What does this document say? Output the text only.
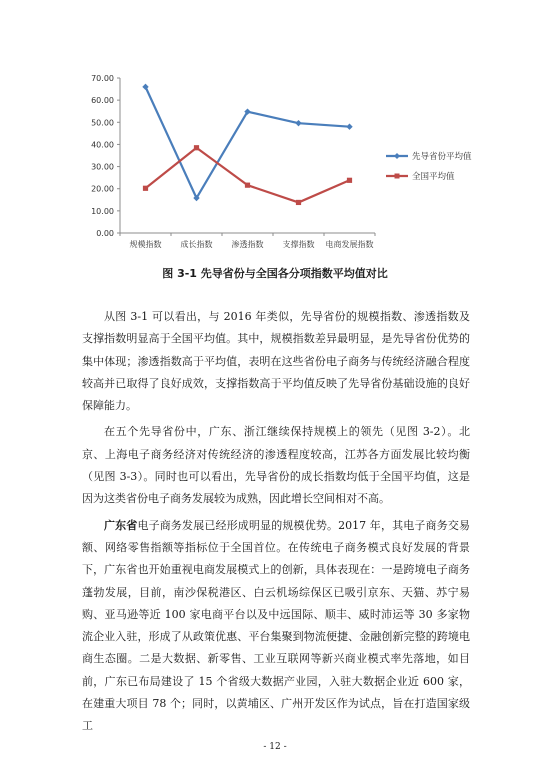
0.00
10.00
20.00
30.00
40.00
50.00
60.00
70.00
规模指数 成长指数 渗透指数 支撑指数 电商发展指数
先导省份平均值
全国平均值
图 3-1 先导省份与全国各分项指数平均值对比

从图 3-1 可以看出，与 2016 年类似，先导省份的规模指数、渗透指数及支撑指数明显高于全国平均值。其中，规模指数差异最明显，是先导省份优势的集中体现；渗透指数高于平均值，表明在这些省份电子商务与传统经济融合程度较高并已取得了良好成效，支撑指数高于平均值反映了先导省份基础设施的良好保障能力。

在五个先导省份中，广东、浙江继续保持规模上的领先（见图 3-2）。北京、上海电子商务经济对传统经济的渗透程度较高，江苏各方面发展比较均衡（见图 3-3）。同时也可以看出，先导省份的成长指数均低于全国平均值，这是因为这类省份电子商务发展较为成熟，因此增长空间相对不高。

广东省电子商务发展已经形成明显的规模优势。2017 年，其电子商务交易额、网络零售指额等指标位于全国首位。在传统电子商务模式良好发展的背景下，广东省也开始重视电商发展模式上的创新，具体表现在：一是跨境电子商务蓬勃发展，目前，南沙保税港区、白云机场综保区已吸引京东、天猫、苏宁易购、亚马逊等近 100 家电商平台以及中远国际、顺丰、威时沛运等 30 多家物流企业入驻，形成了从政策优惠、平台集聚到物流便捷、金融创新完整的跨境电商生态圈。二是大数据、新零售、工业互联网等新兴商业模式率先落地，如目前，广东已布局建设了 15 个省级大数据产业园，入驻大数据企业近 600 家，在建重大项目 78 个；同时，以黄埔区、广州开发区作为试点，旨在打造国家级工

- 12 -
